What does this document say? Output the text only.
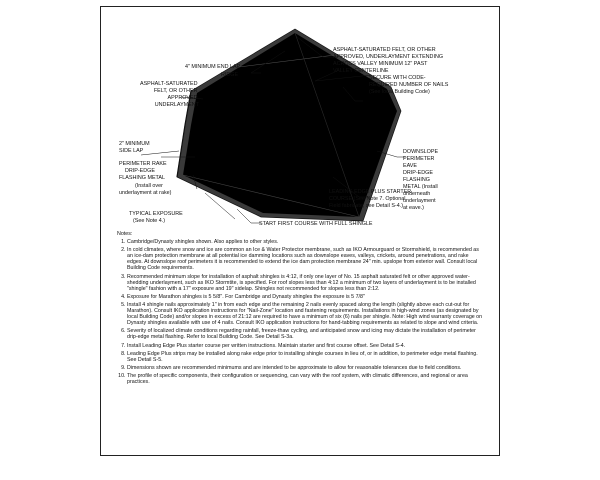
ASPHALT-SATURATED FELT, OR OTHER APPROVED, UNDERLAYMENT EXTENDING ACROSS VALLEY MINIMUM 12" PAST VALLEY CENTERLINE
4" MINIMUM END LAP
RIDGE
ASPHALT-SATURATED FELT, OR OTHER APPROVED UNDERLAYMENT
SECURE WITH CODE- REQUIRED NUMBER OF NAILS (See local Building Code)
2" MINIMUM SIDE LAP
PERIMETER RAKE DRIP-EDGE FLASHING METAL (Install over underlayment at rake)
DOWNSLOPE PERIMETER EAVE DRIP-EDGE FLASHING METAL (Install underneath underlayment at eave.)
LEADING EDGE PLUS STARTER COURSE (See Note 7. Optional Field fabricate, see Detail S-4.)
TYPICAL EXPOSURE (See Note 4.)	START FIRST COURSE WITH FULL SHINGLE
Notes:
1. Cambridge/Dynasty shingles shown. Also applies to other styles.
2. In cold climates, where snow and ice are common an Ice & Water Protector membrane, such as IKO Armourguard or Stormshield, is recommended as an ice-dam protection membrane at all potential ice damming locations such as downslope eaves, valleys, crickets, around penetrations, and rake edges. At downslope roof perimeters it is recommended to extend the ice dam protection membrane 24" min. upslope from exterior wall. Consult local Building Code requirements.
3. Recommended minimum slope for installation of asphalt shingles is 4:12, if only one layer of No. 15 asphalt saturated felt or other approved water-shedding underlayment, such as IKO Stormtite, is specified. For roof slopes less than 4:12 a minimum of two layers of underlayment is to be installed "shingle" fashion with a 17" exposure and 19" sidelap. Shingles not recommended for slopes less than 2:12.
4. Exposure for Marathon shingles is 5 5/8". For Cambridge and Dynasty shingles the exposure is 5 7/8"
5. Install 4 shingle nails approximately 1" in from each edge and the remaining 2 nails evenly spaced along the length (slightly above each cut-out for Marathon). Consult IKO application instructions for "Nail-Zone" location and fastening requirements. Installations in high-wind zones (as designated by local Building Code) and/or slopes in excess of 21:12 are required to have a minimum of six (6) nails per shingle. Note: High wind warranty coverage on Dynasty shingles available with use of 4 nails. Consult IKO application instructions for hand-tabbing requirements as related to slope and wind criteria.
6. Severity of localized climate conditions regarding rainfall, freeze-thaw cycling, and anticipated snow and icing may dictate the installation of perimeter drip-edge metal flashing. Refer to local Building Code. See Detail S-3a.
7. Install Leading Edge Plus starter course per written instructions. Maintain starter and first course offset. See Detail S-4.
8. Leading Edge Plus strips may be installed along rake edge prior to installing shingle courses in lieu of, or in addition, to perimeter edge metal flashing. See Detail S-5.
9. Dimensions shown are recommended minimums and are intended to be approximate to allow for reasonable tolerances due to field conditions.
10. The profile of specific components, their configuration or sequencing, can vary with the roof system, with climatic differences, and regional or area practices.
